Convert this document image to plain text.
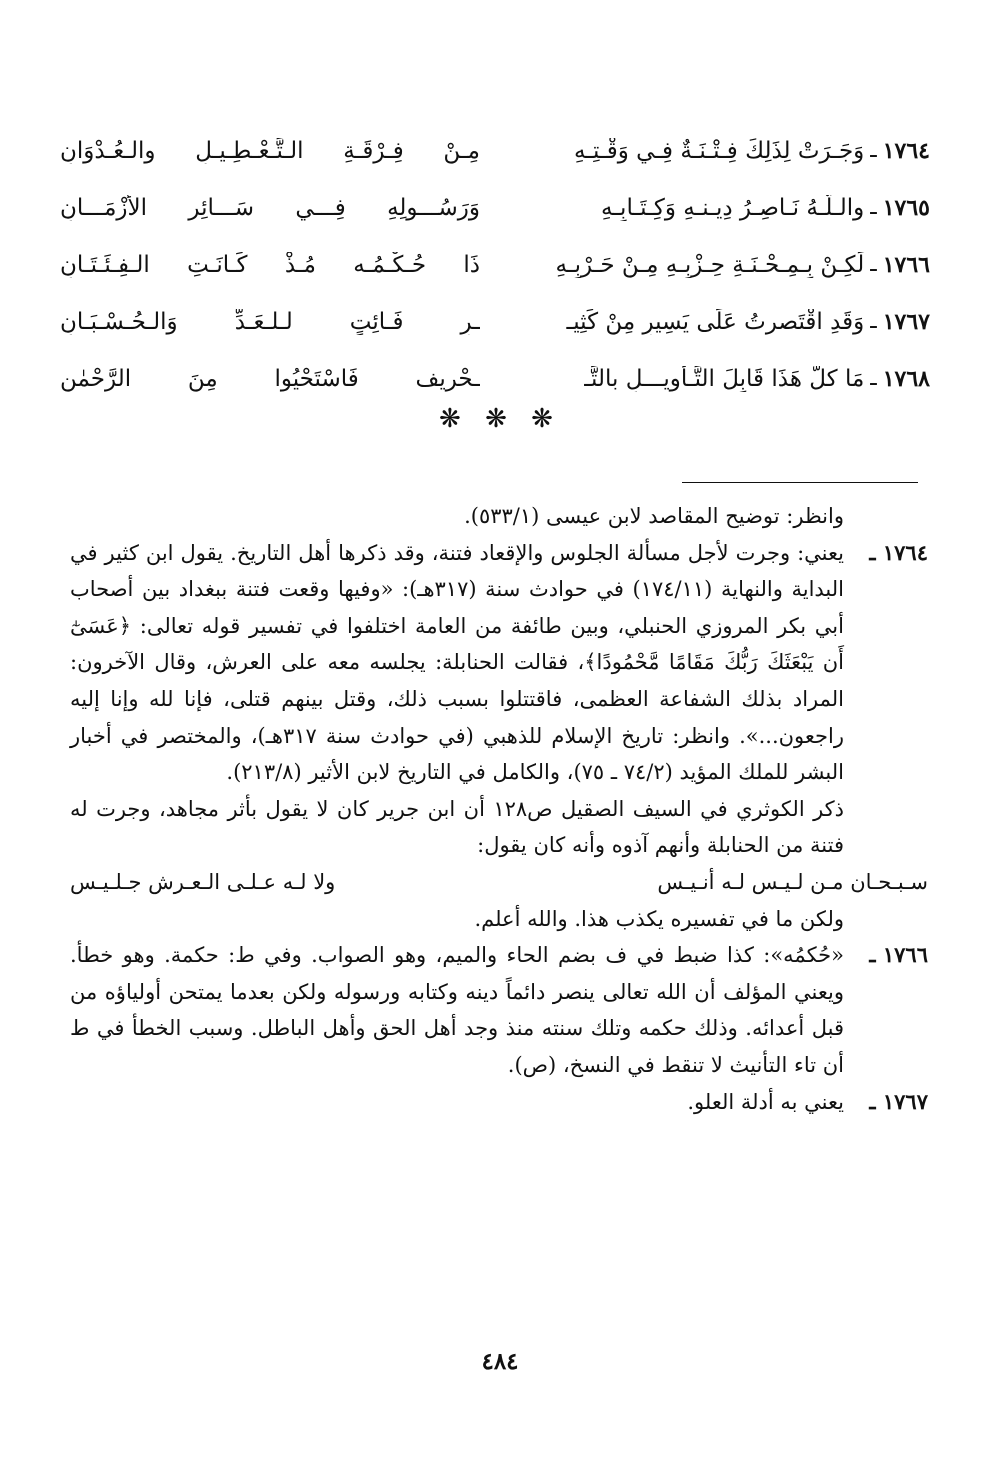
١٧٦٤
ـ
وَجَـرَتْ لِذَلِكَ فِـتْـنَـةٌ فِـي وَقْـتِـهِ
مِـنْ فِـرْقَـةِ الـتَّـعْـطِـيـلِ والـعُـدْوَانِ
١٧٦٥
ـ
والـلَّـهُ نَـاصِـرُ دِيـنـهِ وَكِـتَـابِـهِ
وَرَسُـــولِهِ فِـــي سَـــائِرِ الأزْمَـــانِ
١٧٦٦
ـ
لَكِـنْ بِـمِـحْـنَـةِ حِـزْبِـهِ مِـنْ حَـرْبِـهِ
ذَا حُـكْـمُـه مُـذْ كَـانَـتِ الـفِـئَـتَـانِ
١٧٦٧
ـ
وَقَدِ اقْتَصرتُ عَلَى يَسِيرٍ مِنْ كَثِيـ
ـرٍ فَـائِتٍ لـلـعَـدِّ وَالـحُـسْـبَـانِ
١٧٦٨
ـ
مَا كلُّ هَذَا قَابِلَ التَّـأْوِيـــلِ بالتَّـ
ـحْرِيف فَاسْتَحْيُوا مِنَ الرَّحْمٰنِ
❋ ❋ ❋

وانظر: توضيح المقاصد لابن عيسى (٥٣٣/١).

١٧٦٤ ـ
يعني: وجرت لأجل مسألة الجلوس والإقعاد فتنة، وقد ذكرها أهل التاريخ. يقول ابن كثير في البداية والنهاية (١٧٤/١١) في حوادث سنة (٣١٧هـ): «وفيها وقعت فتنة ببغداد بين أصحاب أبي بكر المروزي الحنبلي، وبين طائفة من العامة اختلفوا في تفسير قوله تعالى: ﴿عَسَىٰٓ أَن يَبْعَثَكَ رَبُّكَ مَقَامًا مَّحْمُودًا﴾، فقالت الحنابلة: يجلسه معه على العرش، وقال الآخرون: المراد بذلك الشفاعة العظمى، فاقتتلوا بسبب ذلك، وقتل بينهم قتلى، فإنا لله وإنا إليه راجعون...». وانظر: تاريخ الإسلام للذهبي (في حوادث سنة ٣١٧هـ)، والمختصر في أخبار البشر للملك المؤيد (٧٤/٢ ـ ٧٥)، والكامل في التاريخ لابن الأثير (٢١٣/٨).

ذكر الكوثري في السيف الصقيل ص١٢٨ أن ابن جرير كان لا يقول بأثر مجاهد، وجرت له فتنة من الحنابلة وأنهم آذوه وأنه كان يقول:

سـبـحـان مـن لـيـس لـه أنـيـس
ولا لـه عـلـى الـعـرش جـلـيـس

ولكن ما في تفسيره يكذب هذا. والله أعلم.

١٧٦٦ ـ
«حُكمُه»: كذا ضبط في ف بضم الحاء والميم، وهو الصواب. وفي ط: حكمة. وهو خطأ. ويعني المؤلف أن الله تعالى ينصر دائماً دينه وكتابه ورسوله ولكن بعدما يمتحن أولياؤه من قبل أعدائه. وذلك حكمه وتلك سنته منذ وجد أهل الحق وأهل الباطل. وسبب الخطأ في ط أن تاء التأنيث لا تنقط في النسخ، (ص).
١٧٦٧ ـ
يعني به أدلة العلو.
٤٨٤
